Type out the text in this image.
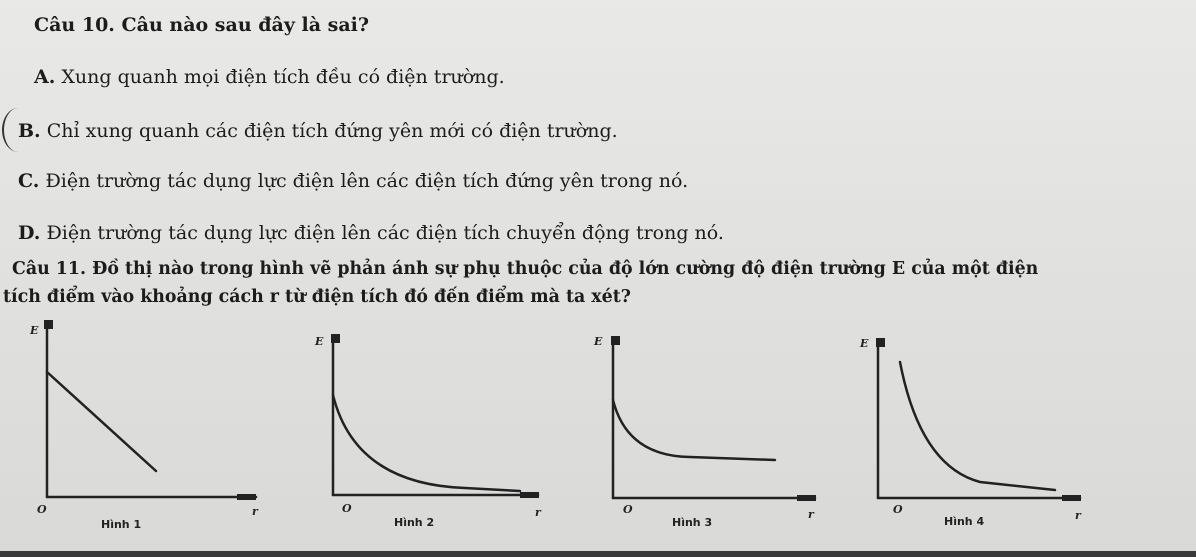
Câu 10. Câu nào sau đây là sai?
A. Xung quanh mọi điện tích đều có điện trường.
B. Chỉ xung quanh các điện tích đứng yên mới có điện trường.
C. Điện trường tác dụng lực điện lên các điện tích đứng yên trong nó.
D. Điện trường tác dụng lực điện lên các điện tích chuyển động trong nó.
Câu 11. Đồ thị nào trong hình vẽ phản ánh sự phụ thuộc của độ lớn cường độ điện trường E của một điện
tích điểm vào khoảng cách r từ điện tích đó đến điểm mà ta xét?
E
O	r
Hình 1
E
O	r
Hình 2
E
O	r
Hình 3
E
O	r
Hình 4
